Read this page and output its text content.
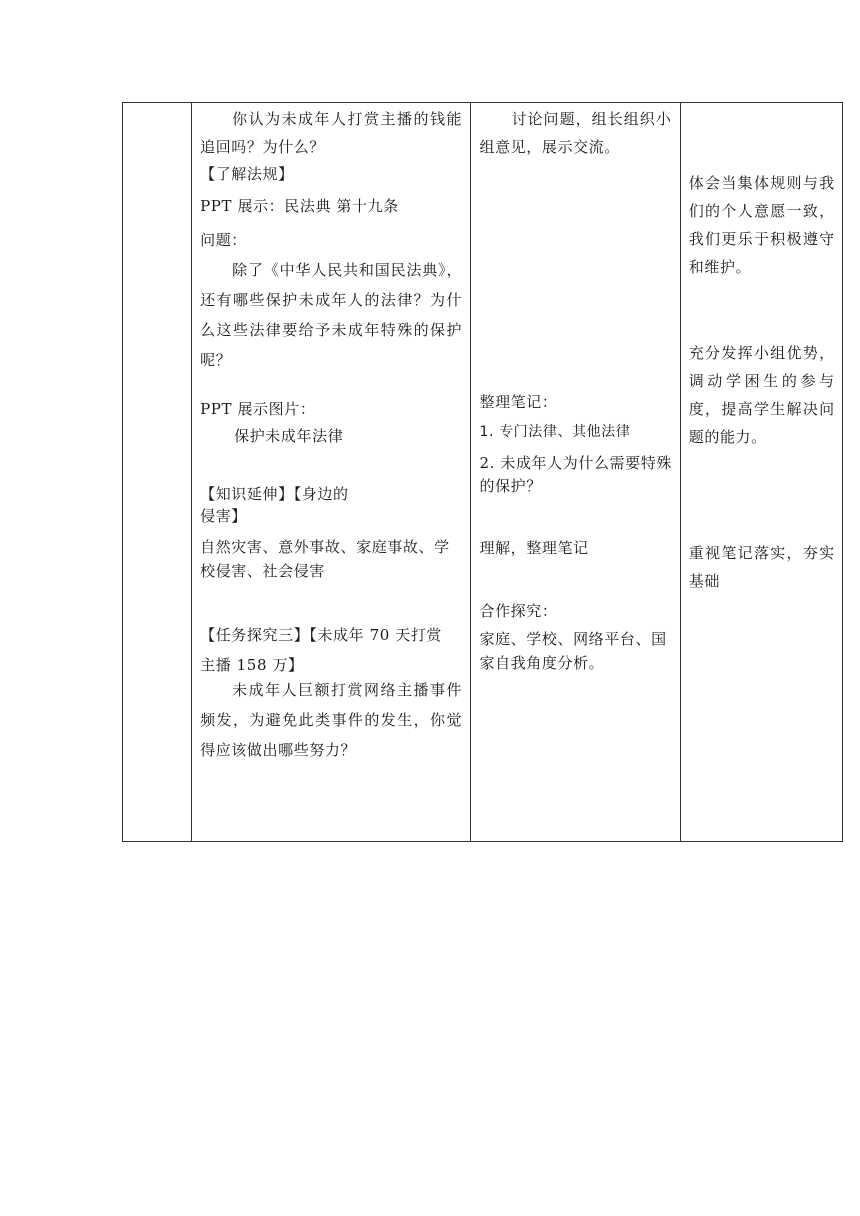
你认为未成年人打赏主播的钱能追回吗？为什么？
【了解法规】
PPT 展示：民法典 第十九条
问题：
除了《中华人民共和国民法典》，还有哪些保护未成年人的法律？为什么这些法律要给予未成年特殊的保护呢？
PPT 展示图片：
保护未成年法律
【知识延伸】【身边的
侵害】
自然灾害、意外事故、家庭事故、学校侵害、社会侵害
【任务探究三】【未成年 70 天打赏
主播 158 万】
未成年人巨额打赏网络主播事件频发，为避免此类事件的发生，你觉得应该做出哪些努力？

讨论问题，组长组织小组意见，展示交流。
整理笔记：
1. 专门法律、其他法律
2. 未成年人为什么需要特殊的保护？
理解，整理笔记
合作探究：
家庭、学校、网络平台、国家自我角度分析。

体会当集体规则与我们的个人意愿一致，我们更乐于积极遵守和维护。
充分发挥小组优势，调动学困生的参与度，提高学生解决问题的能力。
重视笔记落实，夯实基础
